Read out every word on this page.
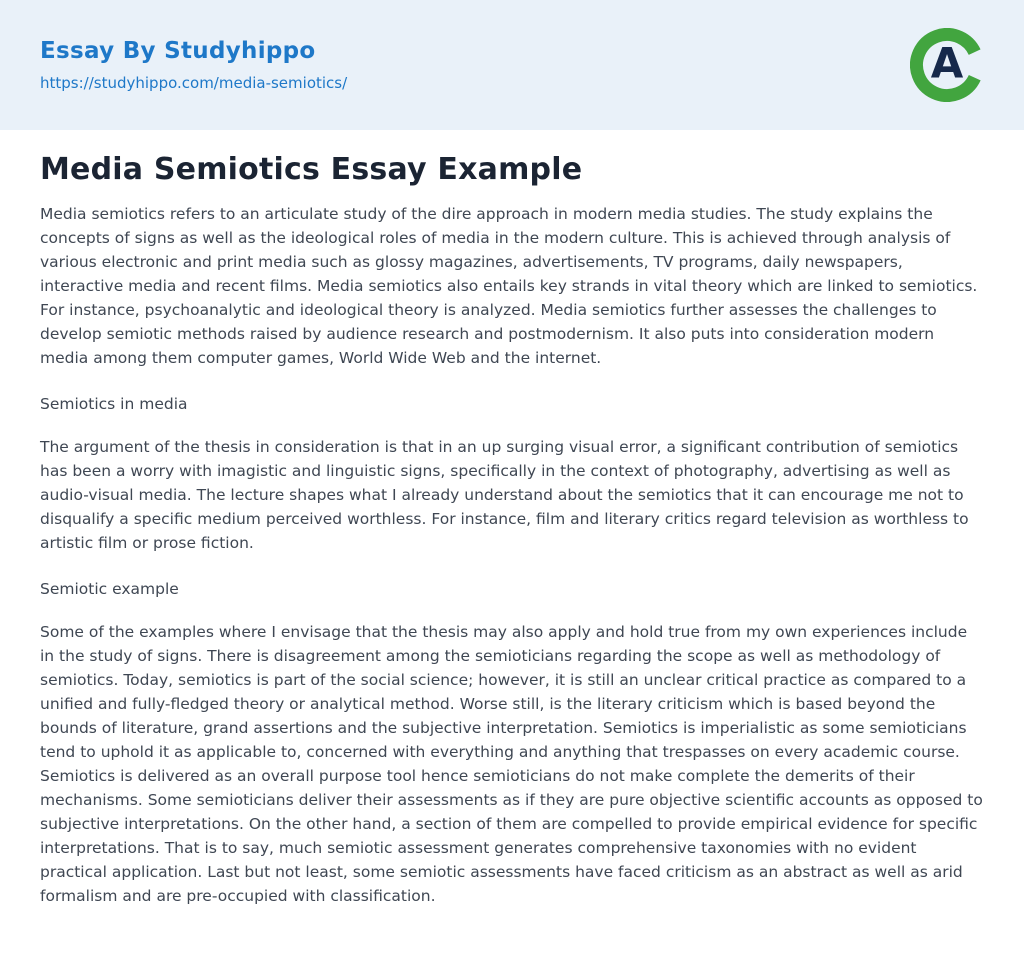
Essay By Studyhippo
https://studyhippo.com/media-semiotics/	A
Media Semiotics Essay Example

Media semiotics refers to an articulate study of the dire approach in modern media studies. The study explains the concepts of signs as well as the ideological roles of media in the modern culture. This is achieved through analysis of various electronic and print media such as glossy magazines, advertisements, TV programs, daily newspapers, interactive media and recent films. Media semiotics also entails key strands in vital theory which are linked to semiotics. For instance, psychoanalytic and ideological theory is analyzed. Media semiotics further assesses the challenges to develop semiotic methods raised by audience research and postmodernism. It also puts into consideration modern media among them computer games, World Wide Web and the internet.

Semiotics in media

The argument of the thesis in consideration is that in an up surging visual error, a significant contribution of semiotics has been a worry with imagistic and linguistic signs, specifically in the context of photography, advertising as well as audio-visual media. The lecture shapes what I already understand about the semiotics that it can encourage me not to disqualify a specific medium perceived worthless. For instance, film and literary critics regard television as worthless to artistic film or prose fiction.

Semiotic example

Some of the examples where I envisage that the thesis may also apply and hold true from my own experiences include in the study of signs. There is disagreement among the semioticians regarding the scope as well as methodology of semiotics. Today, semiotics is part of the social science; however, it is still an unclear critical practice as compared to a unified and fully-fledged theory or analytical method. Worse still, is the literary criticism which is based beyond the bounds of literature, grand assertions and the subjective interpretation. Semiotics is imperialistic as some semioticians tend to uphold it as applicable to, concerned with everything and anything that trespasses on every academic course. Semiotics is delivered as an overall purpose tool hence semioticians do not make complete the demerits of their mechanisms. Some semioticians deliver their assessments as if they are pure objective scientific accounts as opposed to subjective interpretations. On the other hand, a section of them are compelled to provide empirical evidence for specific interpretations. That is to say, much semiotic assessment generates comprehensive taxonomies with no evident practical application. Last but not least, some semiotic assessments have faced criticism as an abstract as well as arid formalism and are pre-occupied with classification.
